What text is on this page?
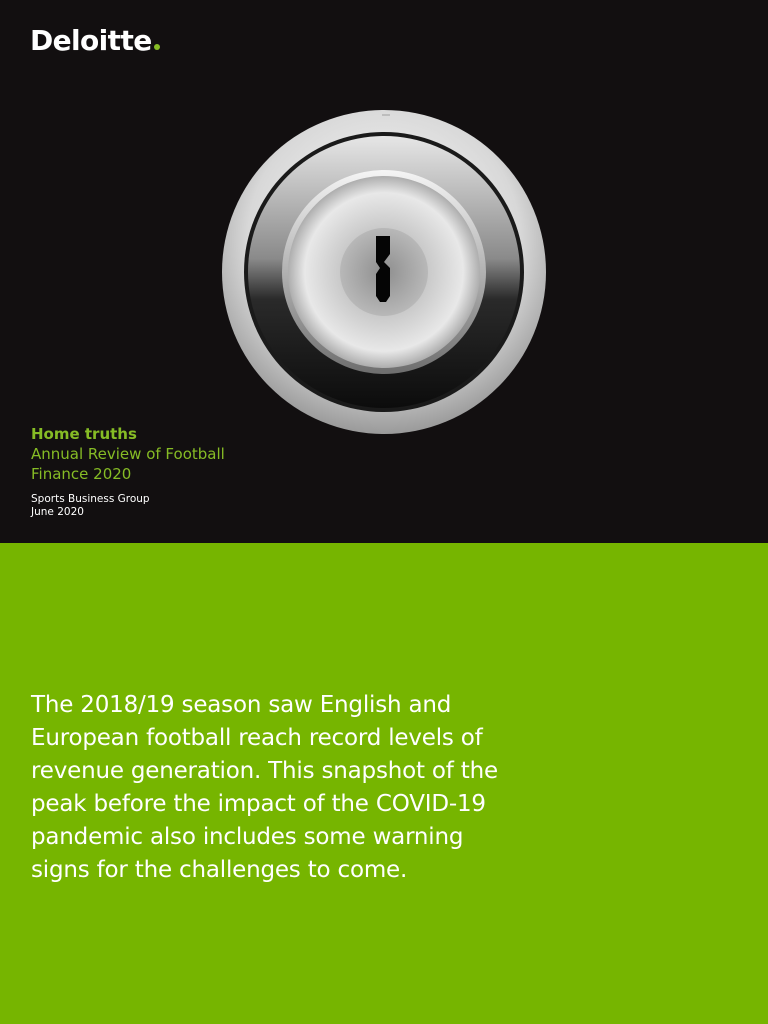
Deloitte
Home truths
Annual Review of Football Finance 2020
Sports Business Group
June 2020
The 2018/19 season saw English and European football reach record levels of revenue generation. This snapshot of the peak before the impact of the COVID-19 pandemic also includes some warning signs for the challenges to come.
